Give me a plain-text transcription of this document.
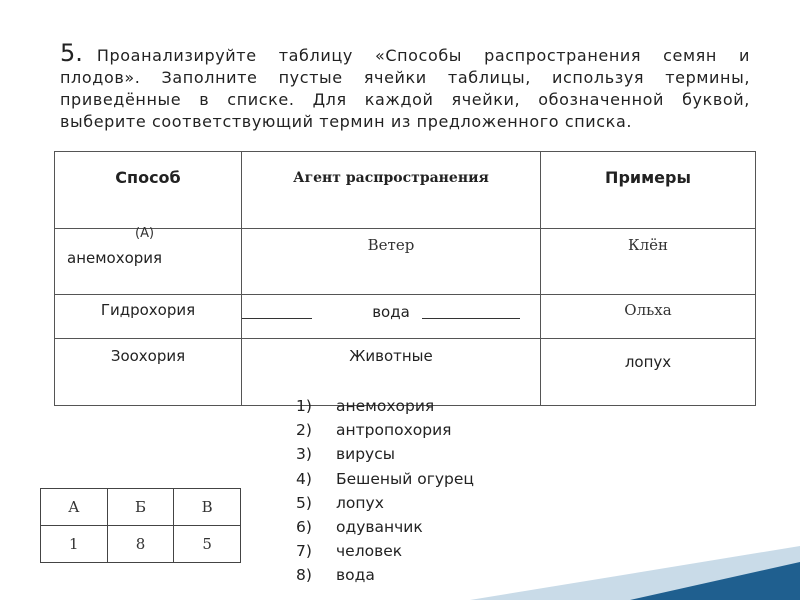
5. Проанализируйте таблицу «Способы распространения семян и плодов». Заполните пустые ячейки таблицы, используя термины, приведённые в списке. Для каждой ячейки, обозначенной буквой, выберите соответствующий термин из предложенного списка.
Способ	Агент распространения	Примеры

(А)
анемохория	Ветер	Клён
Гидрохория	вода	Ольха
Зоохория	Животные	лопух
1) анемохория
2) антропохория
3) вирусы
4) Бешеный огурец
5) лопух
6) одуванчик
7) человек
8) вода
А	Б	В
1	8	5
